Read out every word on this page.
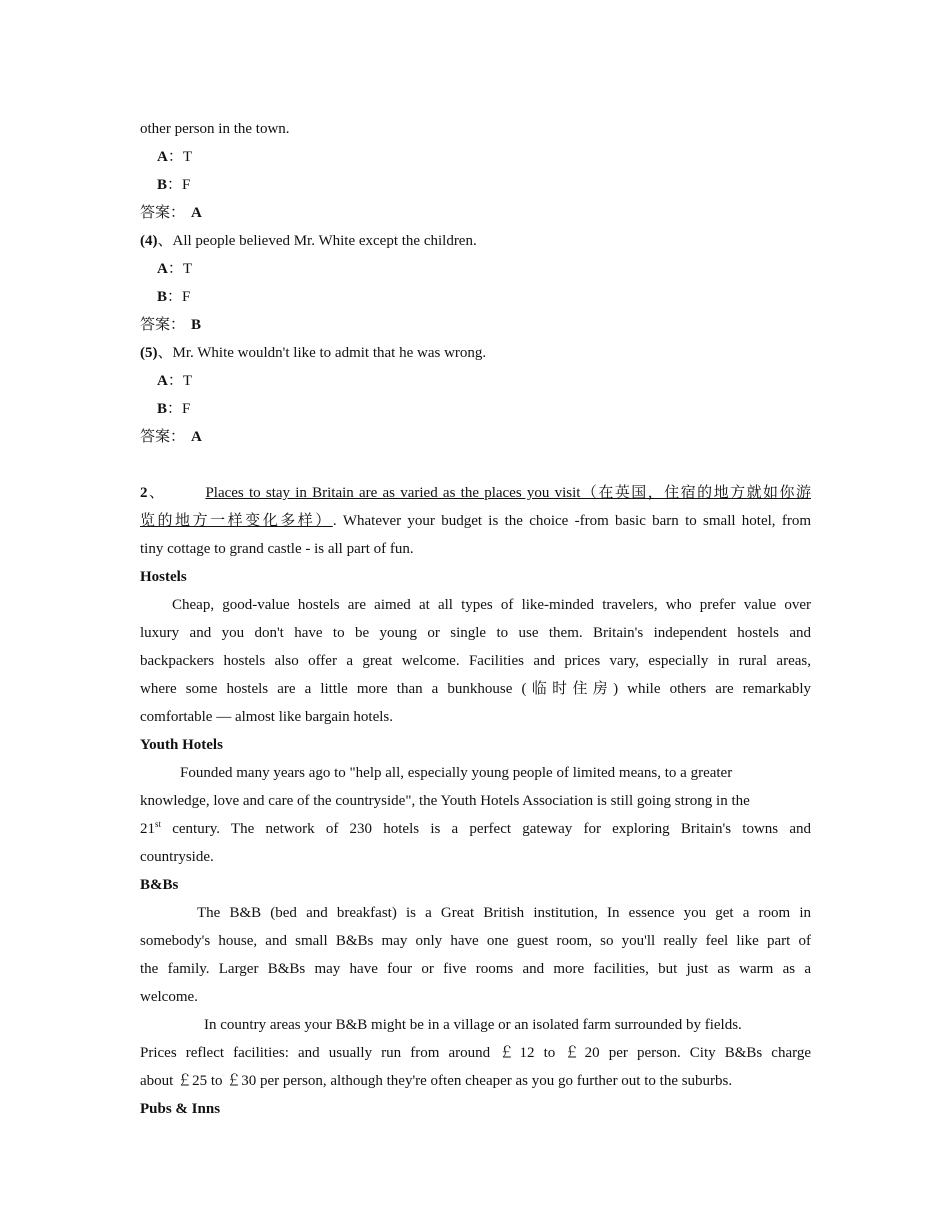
other person in the town.
A：T
B：F
答案： A
(4)、All people believed Mr. White except the children.
A：T
B：F
答案： B
(5)、Mr. White wouldn't like to admit that he was wrong.
A：T
B：F
答案： A
2、	Places to stay in Britain are as varied as the places you visit（在英国，住宿的地方就如你游
览的地方一样变化多样）. Whatever your budget is the choice -from basic barn to small hotel, from
tiny cottage to grand castle - is all part of fun.
Hostels
Cheap, good-value hostels are aimed at all types of like-minded travelers, who prefer value over
luxury and you don't have to be young or single to use them. Britain's independent hostels and
backpackers hostels also offer a great welcome. Facilities and prices vary, especially in rural areas,
where some hostels are a little more than a bunkhouse (临时住房) while others are remarkably
comfortable — almost like bargain hotels.
Youth Hotels
Founded many years ago to "help all, especially young people of limited means, to a greater
knowledge, love and care of the countryside", the Youth Hotels Association is still going strong in the
21st century. The network of 230 hotels is a perfect gateway for exploring Britain's towns and
countryside.
B&Bs
The B&B (bed and breakfast) is a Great British institution, In essence you get a room in
somebody's house, and small B&Bs may only have one guest room, so you'll really feel like part of
the family. Larger B&Bs may have four or five rooms and more facilities, but just as warm as a
welcome.
In country areas your B&B might be in a village or an isolated farm surrounded by fields.
Prices reflect facilities: and usually run from around ￡12 to ￡20 per person. City B&Bs charge
about ￡25 to ￡30 per person, although they're often cheaper as you go further out to the suburbs.
Pubs & Inns
